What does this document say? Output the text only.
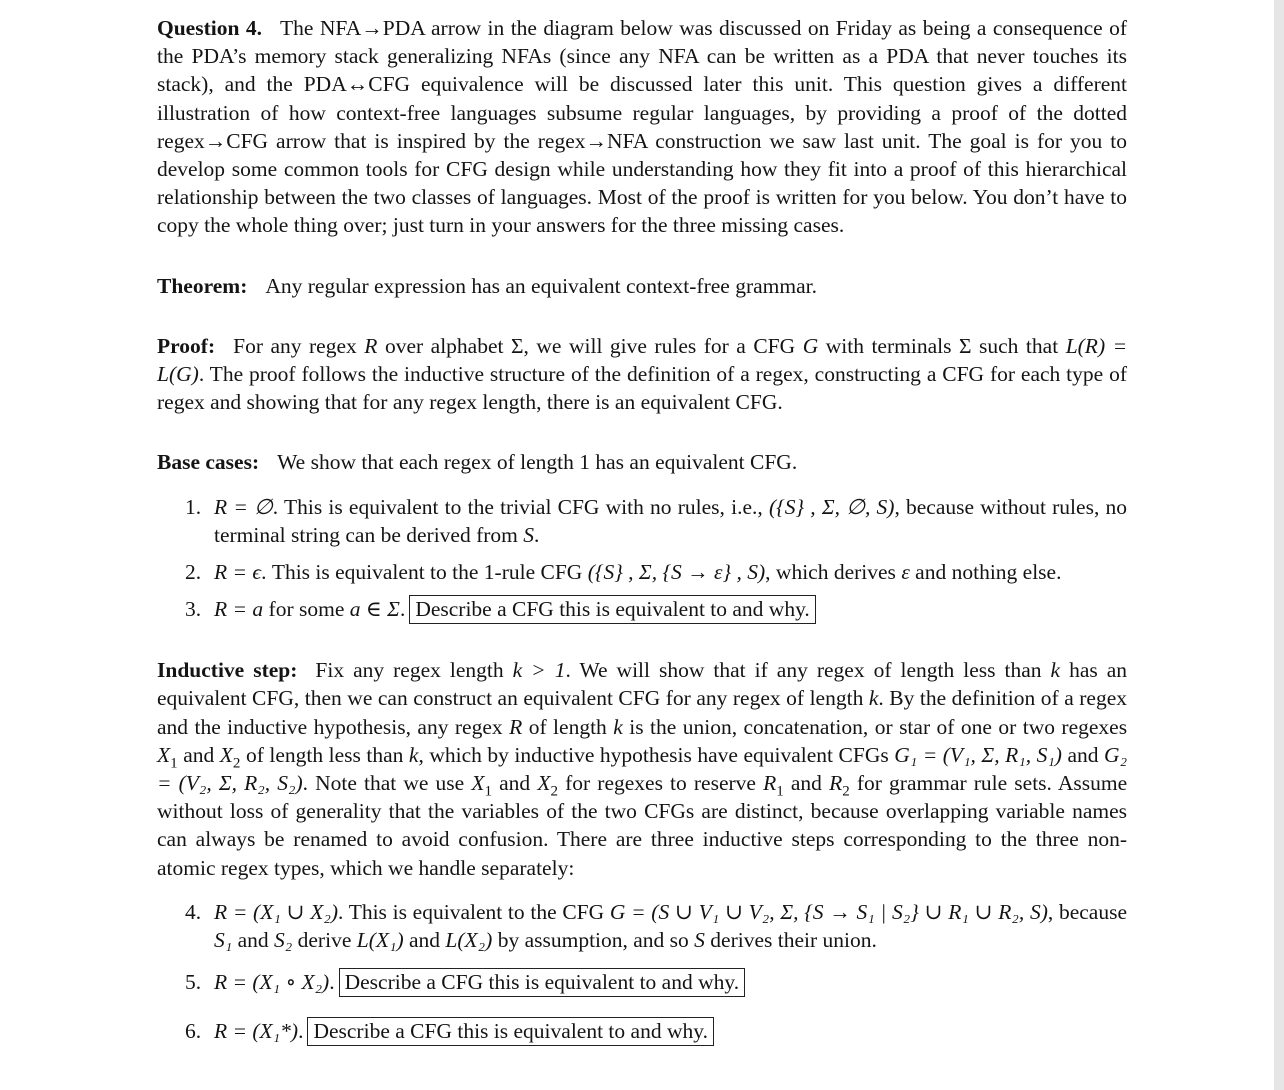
Question 4. The NFA→PDA arrow in the diagram below was discussed on Friday as being a consequence of the PDA’s memory stack generalizing NFAs (since any NFA can be written as a PDA that never touches its stack), and the PDA↔CFG equivalence will be discussed later this unit. This question gives a different illustration of how context-free languages subsume regular languages, by providing a proof of the dotted regex→CFG arrow that is inspired by the regex→NFA construction we saw last unit. The goal is for you to develop some common tools for CFG design while understanding how they fit into a proof of this hierarchical relationship between the two classes of languages. Most of the proof is written for you below. You don’t have to copy the whole thing over; just turn in your answers for the three missing cases.

Theorem: Any regular expression has an equivalent context-free grammar.

Proof: For any regex R over alphabet Σ, we will give rules for a CFG G with terminals Σ such that L(R) = L(G). The proof follows the inductive structure of the definition of a regex, constructing a CFG for each type of regex and showing that for any regex length, there is an equivalent CFG.

Base cases: We show that each regex of length 1 has an equivalent CFG.

1. R = ∅. This is equivalent to the trivial CFG with no rules, i.e., ({S} , Σ, ∅, S), because without rules, no terminal string can be derived from S.
2. R = ϵ. This is equivalent to the 1-rule CFG ({S} , Σ, {S → ε} , S), which derives ε and nothing else.
3. R = a for some a ∈ Σ. Describe a CFG this is equivalent to and why.

Inductive step: Fix any regex length k > 1. We will show that if any regex of length less than k has an equivalent CFG, then we can construct an equivalent CFG for any regex of length k. By the definition of a regex and the inductive hypothesis, any regex R of length k is the union, concatenation, or star of one or two regexes $X_1$ and $X_2$ of length less than k, which by inductive hypothesis have equivalent CFGs G₁ = (V₁, Σ, R₁, S₁) and G₂ = (V₂, Σ, R₂, S₂). Note that we use $X_1$ and $X_2$ for regexes to reserve $R_1$ and $R_2$ for grammar rule sets. Assume without loss of generality that the variables of the two CFGs are distinct, because overlapping variable names can always be renamed to avoid confusion. There are three inductive steps corresponding to the three non-atomic regex types, which we handle separately:

4. R = (X₁ ∪ X₂). This is equivalent to the CFG G = (S ∪ V₁ ∪ V₂, Σ, {S → S₁ | S₂} ∪ R₁ ∪ R₂, S), because S₁ and S₂ derive L(X₁) and L(X₂) by assumption, and so S derives their union.
5. R = (X₁ ∘ X₂). Describe a CFG this is equivalent to and why.
6. R = (X₁*). Describe a CFG this is equivalent to and why.
